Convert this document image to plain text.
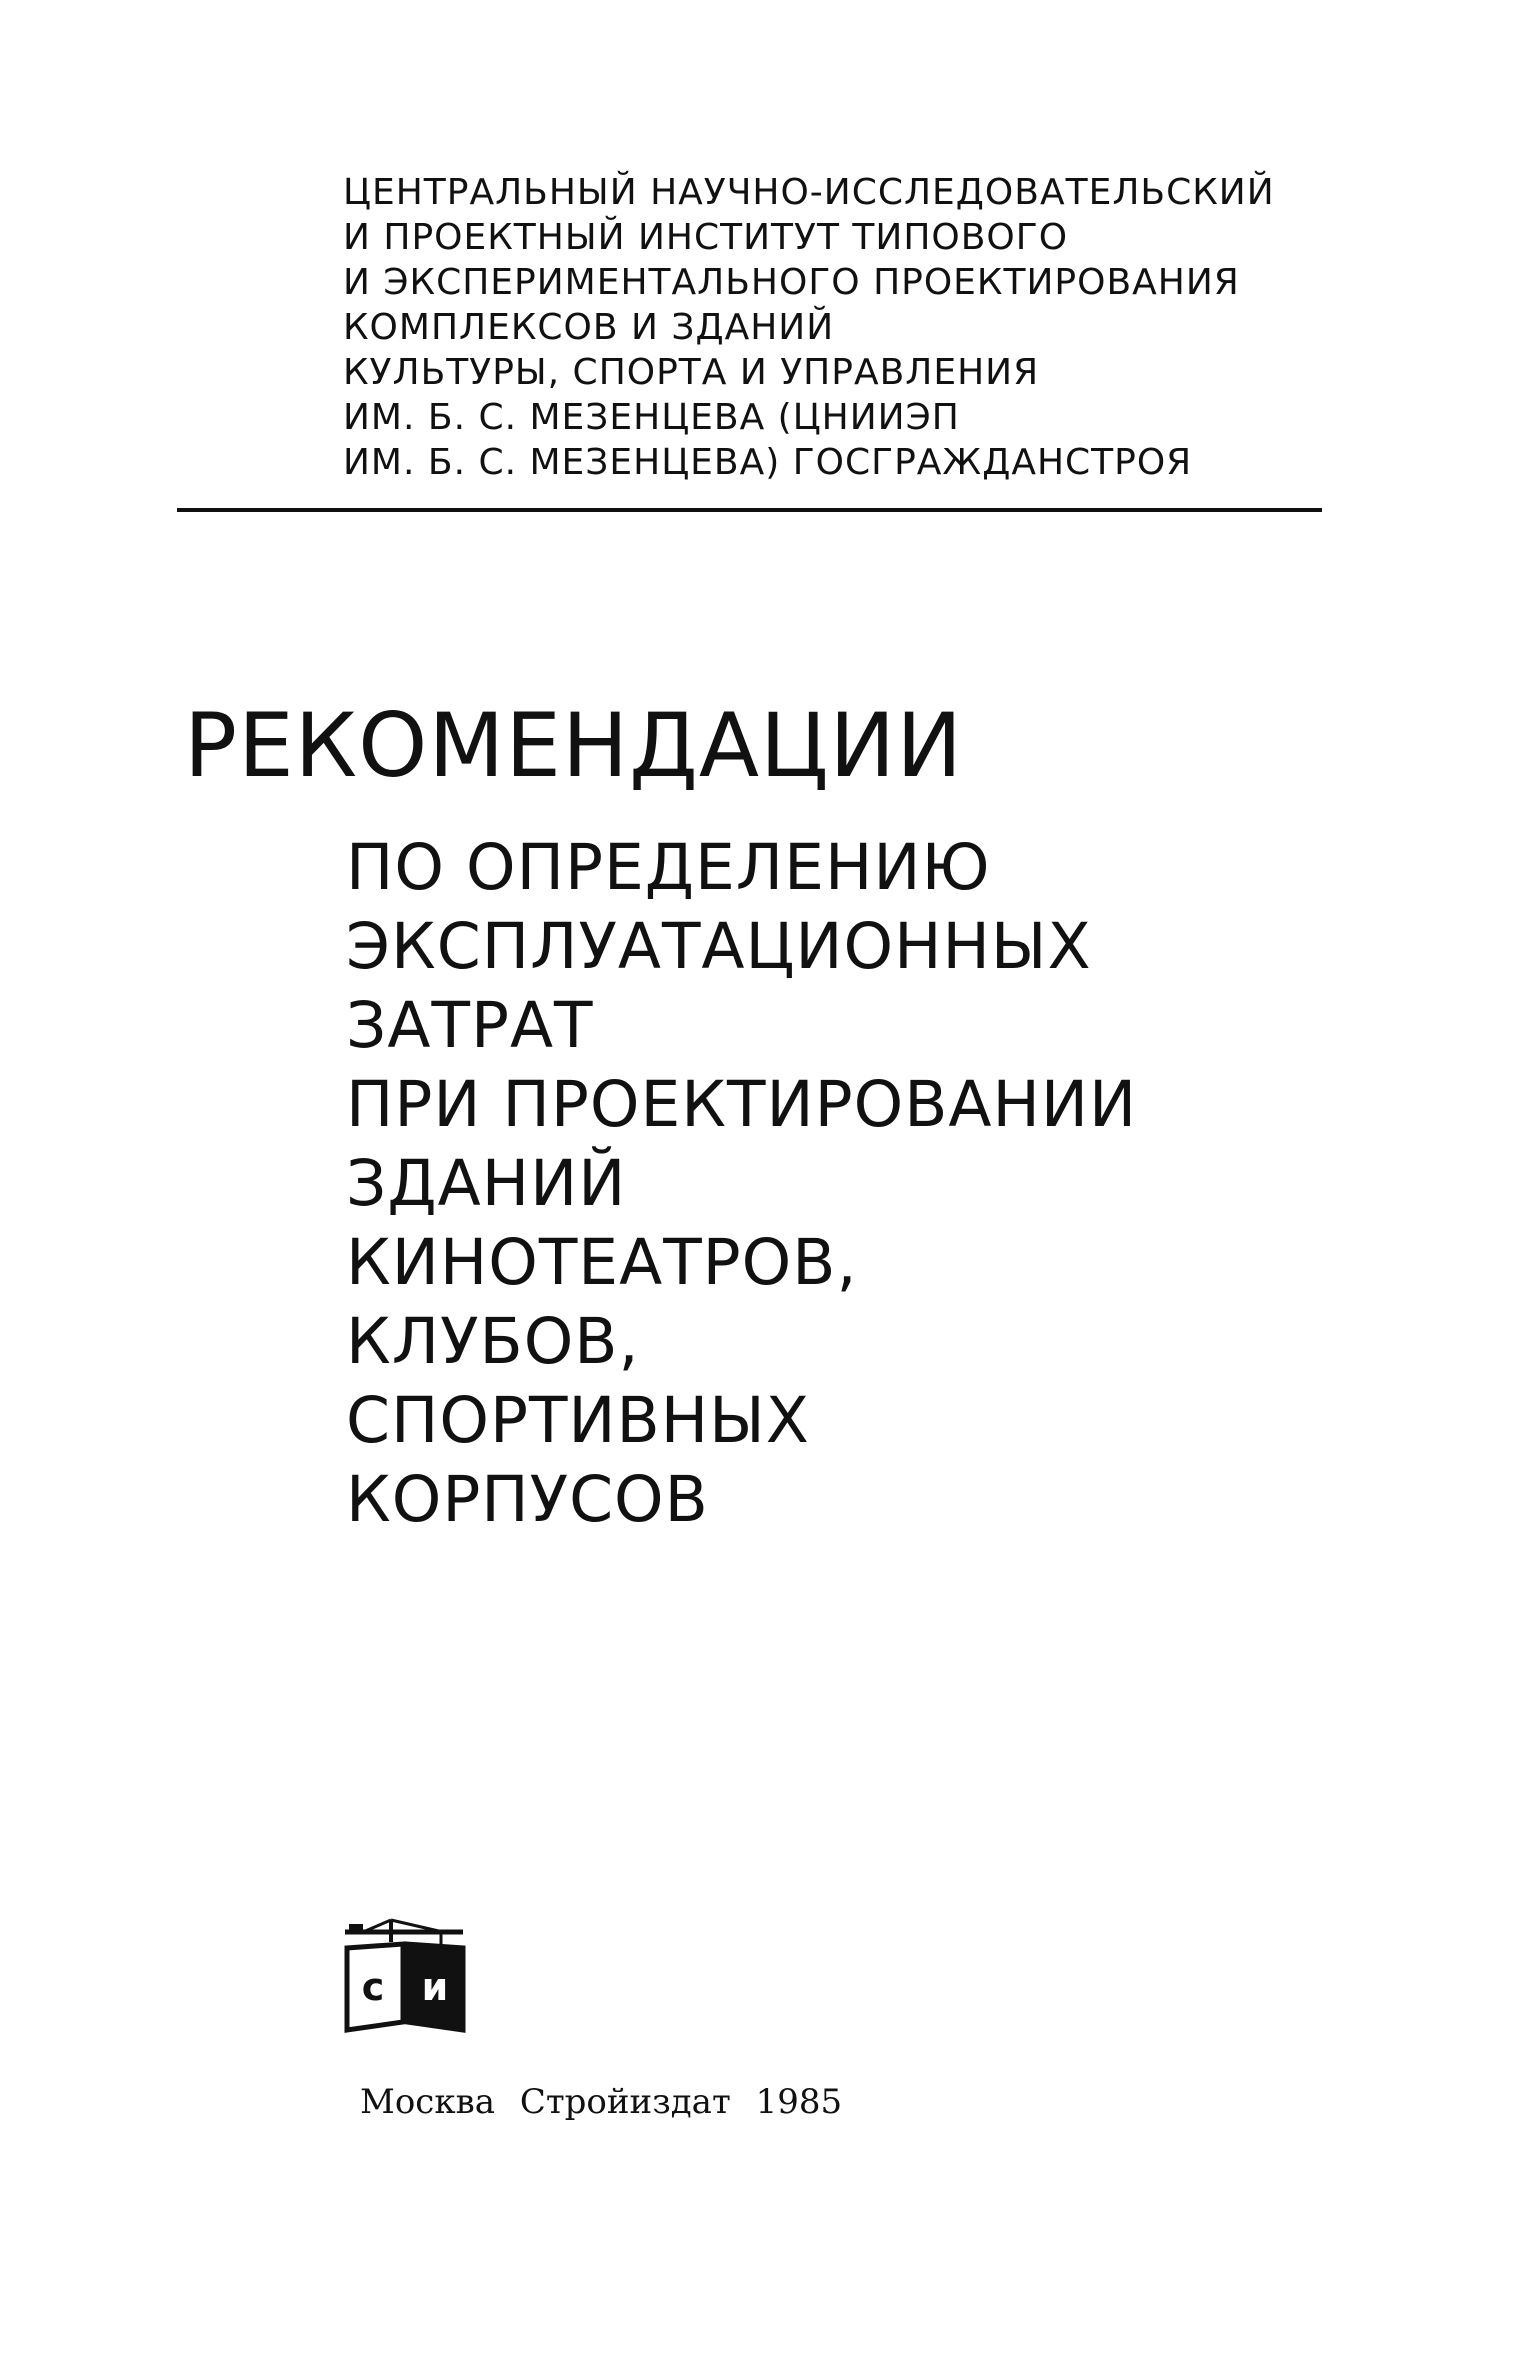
ЦЕНТРАЛЬНЫЙ НАУЧНО-ИССЛЕДОВАТЕЛЬСКИЙ
И ПРОЕКТНЫЙ ИНСТИТУТ ТИПОВОГО
И ЭКСПЕРИМЕНТАЛЬНОГО ПРОЕКТИРОВАНИЯ
КОМПЛЕКСОВ И ЗДАНИЙ
КУЛЬТУРЫ, СПОРТА И УПРАВЛЕНИЯ
ИМ. Б. С. МЕЗЕНЦЕВА (ЦНИИЭП
ИМ. Б. С. МЕЗЕНЦЕВА) ГОСГРАЖДАНСТРОЯ
РЕКОМЕНДАЦИИ
ПО ОПРЕДЕЛЕНИЮ
ЭКСПЛУАТАЦИОННЫХ
ЗАТРАТ
ПРИ ПРОЕКТИРОВАНИИ
ЗДАНИЙ
КИНОТЕАТРОВ,
КЛУБОВ,
СПОРТИВНЫХ
КОРПУСОВ
с и
Москва Стройиздат 1985
